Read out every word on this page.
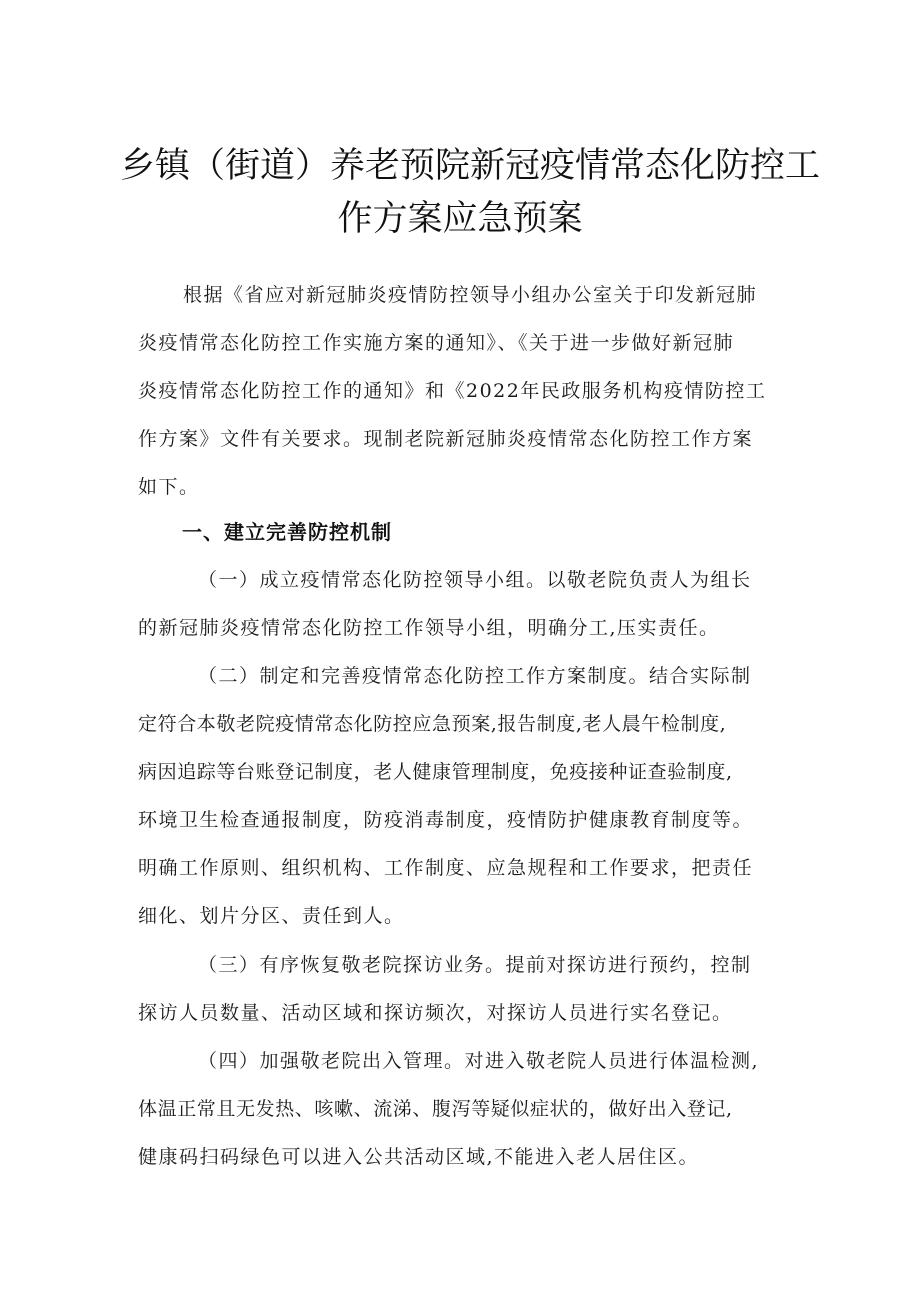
乡镇（街道）养老预院新冠疫情常态化防控工
作方案应急预案

根据《省应对新冠肺炎疫情防控领导小组办公室关于印发新冠肺
炎疫情常态化防控工作实施方案的通知》、《关于进一步做好新冠肺
炎疫情常态化防控工作的通知》和《2022年民政服务机构疫情防控工
作方案》文件有关要求。现制老院新冠肺炎疫情常态化防控工作方案
如下。

一、建立完善防控机制

（一）成立疫情常态化防控领导小组。以敬老院负责人为组长
的新冠肺炎疫情常态化防控工作领导小组，明确分工,压实责任。

（二）制定和完善疫情常态化防控工作方案制度。结合实际制
定符合本敬老院疫情常态化防控应急预案,报告制度,老人晨午检制度,
病因追踪等台账登记制度，老人健康管理制度，免疫接种证查验制度,
环境卫生检查通报制度，防疫消毒制度，疫情防护健康教育制度等。
明确工作原则、组织机构、工作制度、应急规程和工作要求，把责任
细化、划片分区、责任到人。

（三）有序恢复敬老院探访业务。提前对探访进行预约，控制
探访人员数量、活动区域和探访频次，对探访人员进行实名登记。

（四）加强敬老院出入管理。对进入敬老院人员进行体温检测,
体温正常且无发热、咳嗽、流涕、腹泻等疑似症状的，做好出入登记,
健康码扫码绿色可以进入公共活动区域,不能进入老人居住区。
